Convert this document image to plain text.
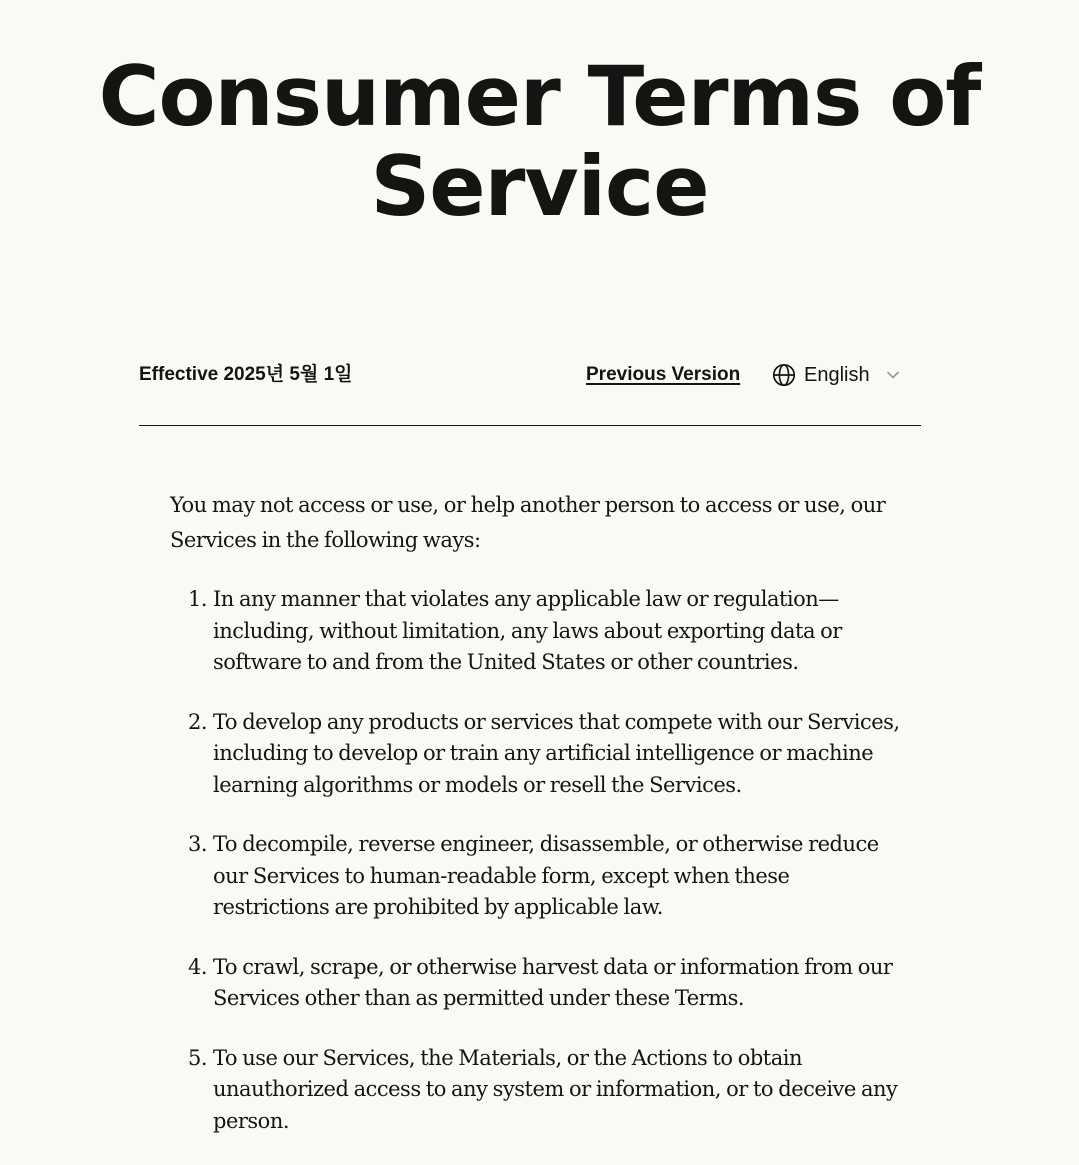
Consumer Terms of Service
Effective 2025년 5월 1일	Previous Version	English

You may not access or use, or help another person to access or use, our Services in the following ways:

1. In any manner that violates any applicable law or regulation—including, without limitation, any laws about exporting data or software to and from the United States or other countries.
2. To develop any products or services that compete with our Services, including to develop or train any artificial intelligence or machine learning algorithms or models or resell the Services.
3. To decompile, reverse engineer, disassemble, or otherwise reduce our Services to human-readable form, except when these restrictions are prohibited by applicable law.
4. To crawl, scrape, or otherwise harvest data or information from our Services other than as permitted under these Terms.
5. To use our Services, the Materials, or the Actions to obtain unauthorized access to any system or information, or to deceive any person.
